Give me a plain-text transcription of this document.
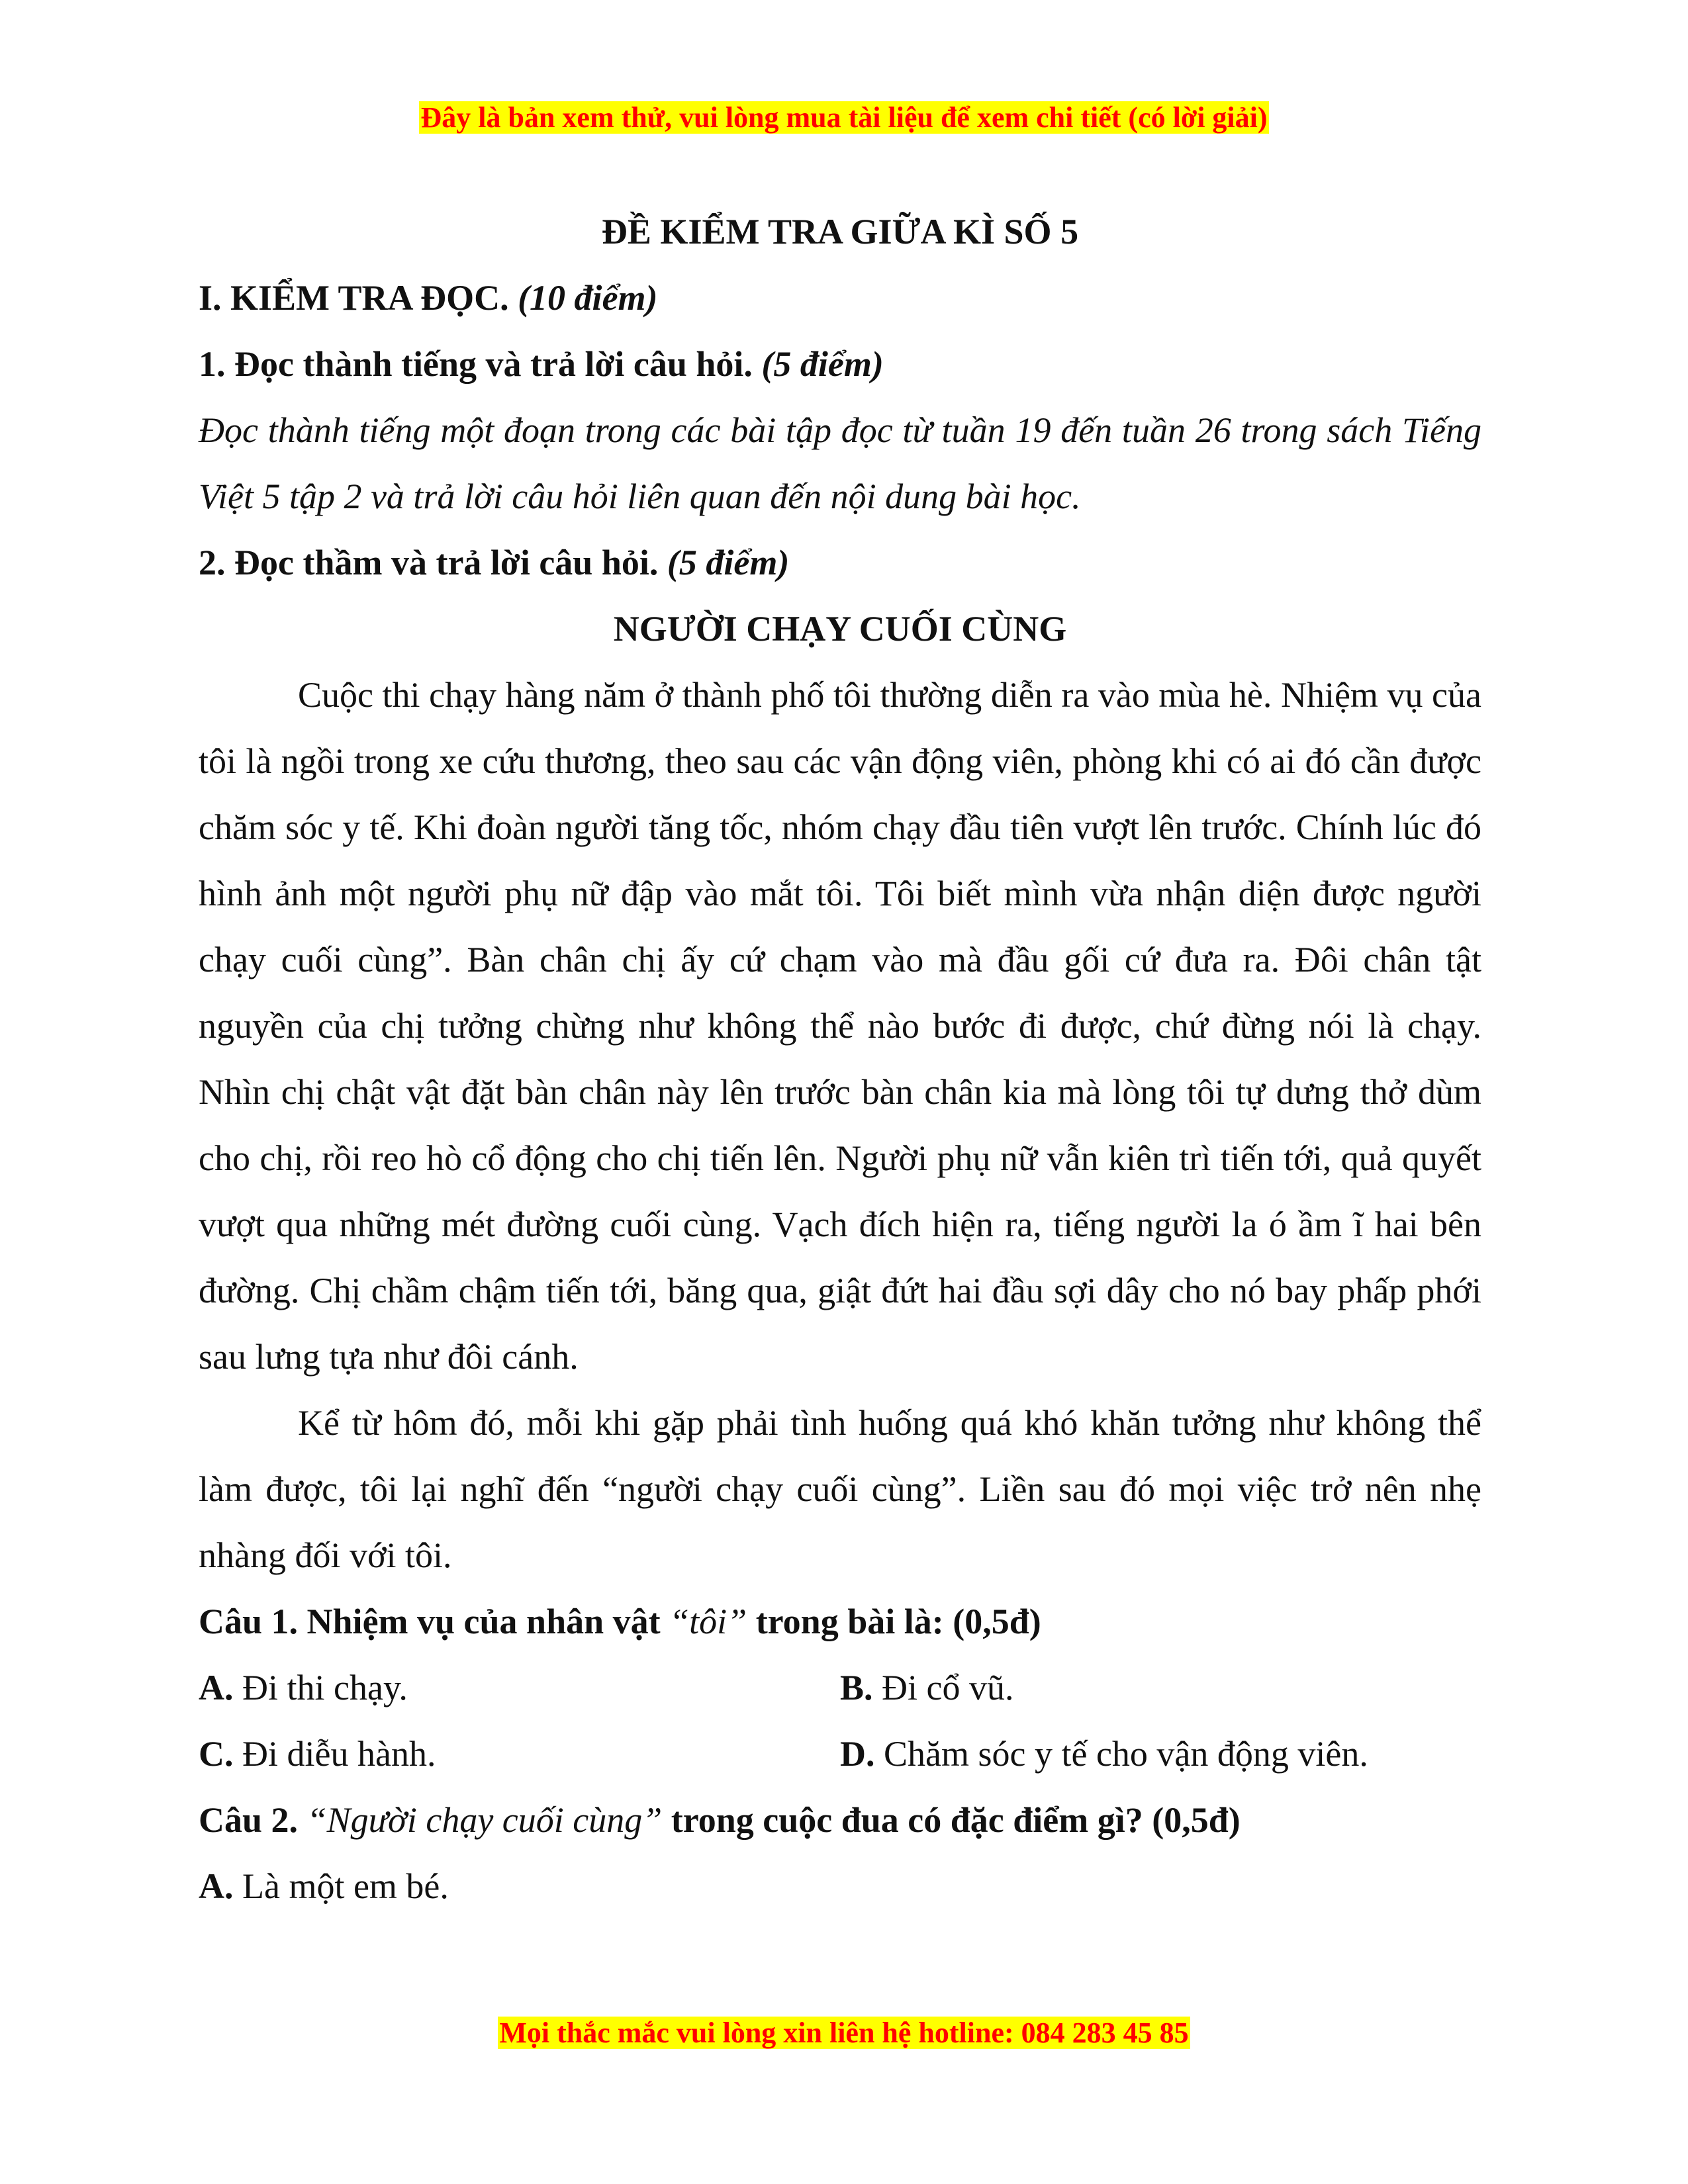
Đây là bản xem thử, vui lòng mua tài liệu để xem chi tiết (có lời giải)

ĐỀ KIỂM TRA GIỮA KÌ SỐ 5

I. KIỂM TRA ĐỌC. (10 điểm)

1. Đọc thành tiếng và trả lời câu hỏi. (5 điểm)

Đọc thành tiếng một đoạn trong các bài tập đọc từ tuần 19 đến tuần 26 trong sách Tiếng Việt 5 tập 2 và trả lời câu hỏi liên quan đến nội dung bài học.

2. Đọc thầm và trả lời câu hỏi. (5 điểm)

NGƯỜI CHẠY CUỐI CÙNG

Cuộc thi chạy hàng năm ở thành phố tôi thường diễn ra vào mùa hè. Nhiệm vụ của tôi là ngồi trong xe cứu thương, theo sau các vận động viên, phòng khi có ai đó cần được chăm sóc y tế. Khi đoàn người tăng tốc, nhóm chạy đầu tiên vượt lên trước. Chính lúc đó hình ảnh một người phụ nữ đập vào mắt tôi. Tôi biết mình vừa nhận diện được người chạy cuối cùng”. Bàn chân chị ấy cứ chạm vào mà đầu gối cứ đưa ra. Đôi chân tật nguyền của chị tưởng chừng như không thể nào bước đi được, chứ đừng nói là chạy. Nhìn chị chật vật đặt bàn chân này lên trước bàn chân kia mà lòng tôi tự dưng thở dùm cho chị, rồi reo hò cổ động cho chị tiến lên. Người phụ nữ vẫn kiên trì tiến tới, quả quyết vượt qua những mét đường cuối cùng. Vạch đích hiện ra, tiếng người la ó ầm ĩ hai bên đường. Chị chầm chậm tiến tới, băng qua, giật đứt hai đầu sợi dây cho nó bay phấp phới sau lưng tựa như đôi cánh.

Kể từ hôm đó, mỗi khi gặp phải tình huống quá khó khăn tưởng như không thể làm được, tôi lại nghĩ đến “người chạy cuối cùng”. Liền sau đó mọi việc trở nên nhẹ nhàng đối với tôi.

Câu 1. Nhiệm vụ của nhân vật “tôi” trong bài là: (0,5đ)

A. Đi thi chạy.	B. Đi cổ vũ.
C. Đi diễu hành.	D. Chăm sóc y tế cho vận động viên.

Câu 2. “Người chạy cuối cùng” trong cuộc đua có đặc điểm gì? (0,5đ)

A. Là một em bé.
Mọi thắc mắc vui lòng xin liên hệ hotline: 084 283 45 85
